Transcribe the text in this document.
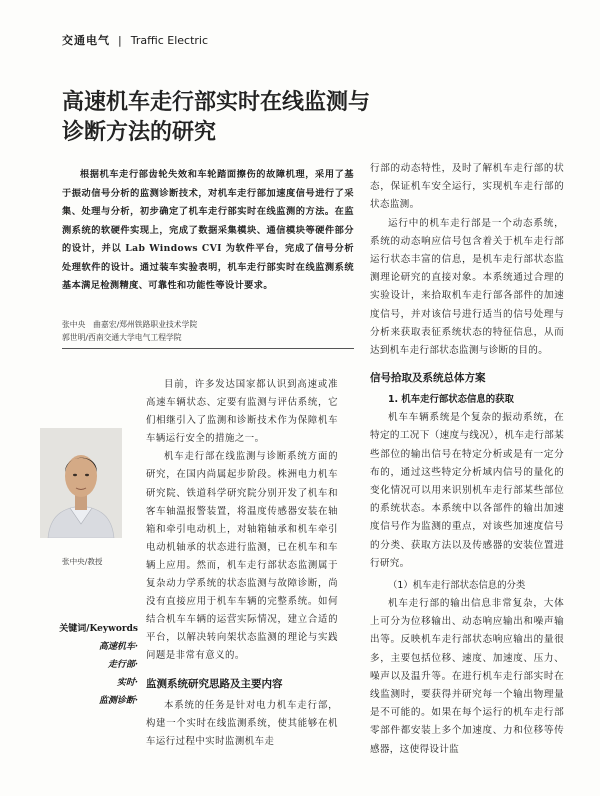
交通电气 | Traffic Electric
高速机车走行部实时在线监测与
诊断方法的研究
根据机车走行部齿轮失效和车轮踏面擦伤的故障机理，采用了基于振动信号分析的监测诊断技术，对机车走行部加速度信号进行了采集、处理与分析，初步确定了机车走行部实时在线监测的方法。在监测系统的软硬件实现上，完成了数据采集模块、通信模块等硬件部分的设计，并以 Lab Windows CVI 为软件平台，完成了信号分析处理软件的设计。通过装车实验表明，机车走行部实时在线监测系统基本满足检测精度、可靠性和功能性等设计要求。
张中央　曲嘉宏/郑州铁路职业技术学院
郭世明/西南交通大学电气工程学院
张中央/教授
关键词/Keywords
高速机车·
走行部·
实时·
监测诊断·

目前，许多发达国家都认识到高速或准高速车辆状态、定要有监测与评估系统，它们相继引入了监测和诊断技术作为保障机车车辆运行安全的措施之一。

机车走行部在线监测与诊断系统方面的研究，在国内尚属起步阶段。株洲电力机车研究院、铁道科学研究院分别开发了机车和客车轴温报警装置，将温度传感器安装在轴箱和牵引电动机上，对轴箱轴承和机车牵引电动机轴承的状态进行监测，已在机车和车辆上应用。然而，机车走行部状态监测属于复杂动力学系统的状态监测与故障诊断，尚没有直接应用于机车车辆的完整系统。如何结合机车车辆的运营实际情况，建立合适的平台，以解决转向架状态监测的理论与实践问题是非常有意义的。

监测系统研究思路及主要内容

本系统的任务是针对电力机车走行部，构建一个实时在线监测系统，使其能够在机车运行过程中实时监测机车走

行部的动态特性，及时了解机车走行部的状态，保证机车安全运行，实现机车走行部的状态监测。

运行中的机车走行部是一个动态系统，系统的动态响应信号包含着关于机车走行部运行状态丰富的信息，是机车走行部状态监测理论研究的直接对象。本系统通过合理的实验设计，来拾取机车走行部各部件的加速度信号，并对该信号进行适当的信号处理与分析来获取表征系统状态的特征信息，从而达到机车走行部状态监测与诊断的目的。

信号拾取及系统总体方案
1. 机车走行部状态信息的获取

机车车辆系统是个复杂的振动系统，在特定的工况下（速度与线况），机车走行部某些部位的输出信号在特定分析或是有一定分布的，通过这些特定分析域内信号的量化的变化情况可以用来识别机车走行部某些部位的系统状态。本系统中以各部件的输出加速度信号作为监测的重点，对该些加速度信号的分类、获取方法以及传感器的安装位置进行研究。

（1）机车走行部状态信息的分类

机车走行部的输出信息非常复杂，大体上可分为位移输出、动态响应输出和噪声输出等。反映机车走行部状态响应输出的量很多，主要包括位移、速度、加速度、压力、噪声以及温升等。在进行机车走行部实时在线监测时，要获得并研究每一个输出物理量是不可能的。如果在每个运行的机车走行部零部件都安装上多个加速度、力和位移等传感器，这使得设计监
